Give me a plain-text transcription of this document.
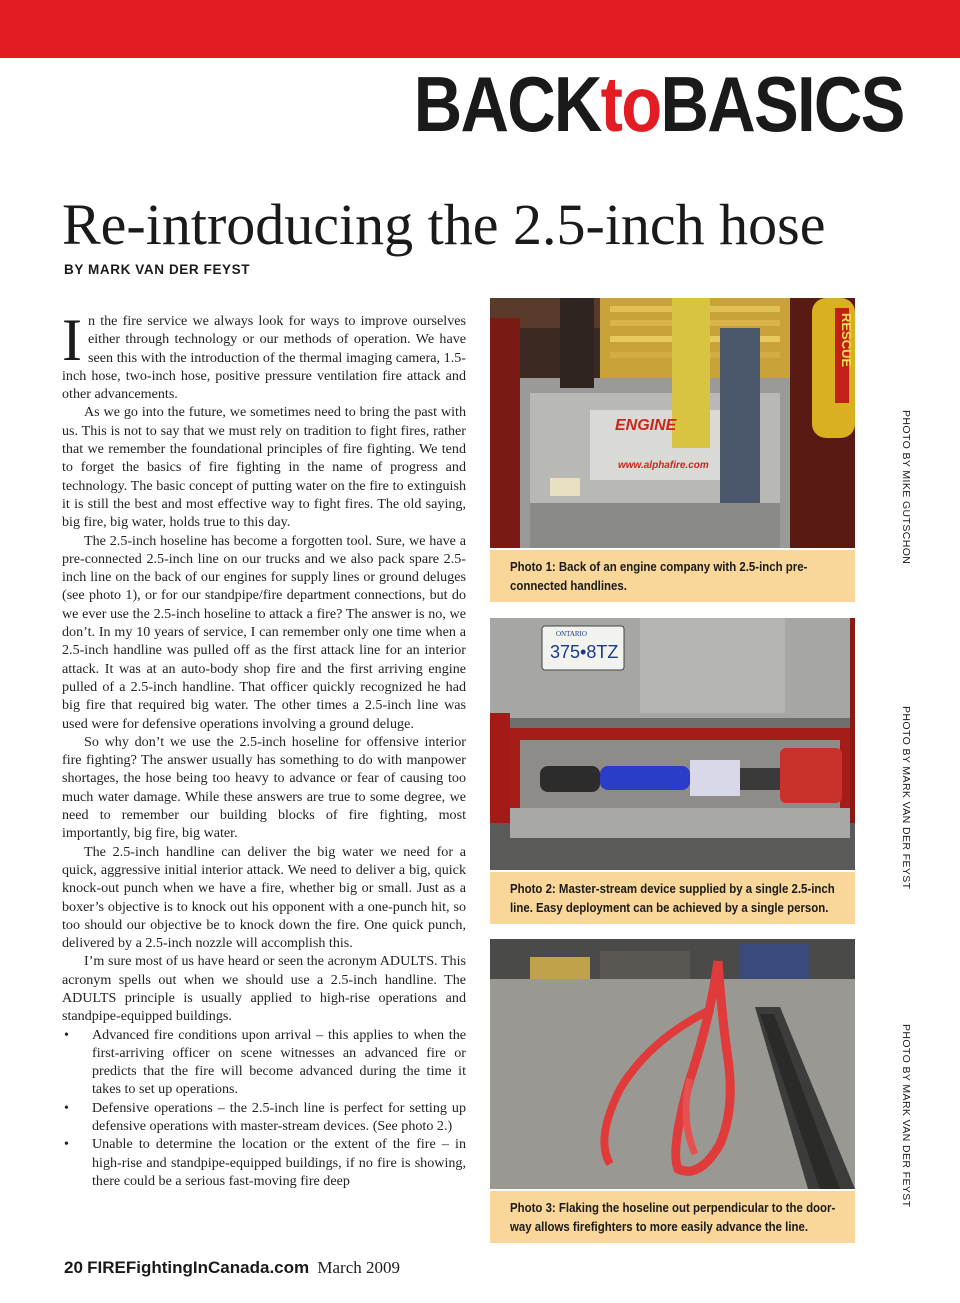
BACKtoBASICS
Re-introducing the 2.5-inch hose
BY MARK VAN DER FEYST

In the fire service we always look for ways to improve ourselves either through technology or our methods of operation. We have seen this with the introduction of the thermal imaging camera, 1.5-inch hose, two-inch hose, positive pressure ventilation fire attack and other advancements.

As we go into the future, we sometimes need to bring the past with us. This is not to say that we must rely on tradition to fight fires, rather that we remember the foundational principles of fire fighting. We tend to forget the basics of fire fighting in the name of progress and technology. The basic concept of putting water on the fire to extinguish it is still the best and most effective way to fight fires. The old saying, big fire, big water, holds true to this day.

The 2.5-inch hoseline has become a forgotten tool. Sure, we have a pre-connected 2.5-inch line on our trucks and we also pack spare 2.5-inch line on the back of our engines for supply lines or ground deluges (see photo 1), or for our standpipe/fire department connections, but do we ever use the 2.5-inch hoseline to attack a fire? The answer is no, we don’t. In my 10 years of service, I can remember only one time when a 2.5-inch handline was pulled off as the first attack line for an interior attack. It was at an auto-body shop fire and the first arriving engine pulled of a 2.5-inch handline. That officer quickly recognized he had big fire that required big water. The other times a 2.5-inch line was used were for defensive operations involving a ground deluge.

So why don’t we use the 2.5-inch hoseline for offensive interior fire fighting? The answer usually has something to do with manpower shortages, the hose being too heavy to advance or fear of causing too much water damage. While these answers are true to some degree, we need to remember our building blocks of fire fighting, most importantly, big fire, big water.

The 2.5-inch handline can deliver the big water we need for a quick, aggressive initial interior attack. We need to deliver a big, quick knock-out punch when we have a fire, whether big or small. Just as a boxer’s objective is to knock out his opponent with a one-punch hit, so too should our objective be to knock down the fire. One quick punch, delivered by a 2.5-inch nozzle will accomplish this.

I’m sure most of us have heard or seen the acronym ADULTS. This acronym spells out when we should use a 2.5-inch handline. The ADULTS principle is usually applied to high-rise operations and standpipe-equipped buildings.

• Advanced fire conditions upon arrival – this applies to when the first-arriving officer on scene witnesses an advanced fire or predicts that the fire will become advanced during the time it takes to set up operations.
• Defensive operations – the 2.5-inch line is perfect for setting up defensive operations with master-stream devices. (See photo 2.)
• Unable to determine the location or the extent of the fire – in high-rise and standpipe-equipped buildings, if no fire is showing, there could be a serious fast-moving fire deep
RESCUE
ENGINE
www.alphafire.com
Photo 1: Back of an engine company with 2.5-inch pre-
connected handlines.
PHOTO BY MIKE GUTSCHON
ONTARIO
375•8TZ
Photo 2: Master-stream device supplied by a single 2.5-inch
line. Easy deployment can be achieved by a single person.
PHOTO BY MARK VAN DER FEYST
Photo 3: Flaking the hoseline out perpendicular to the door-
way allows firefighters to more easily advance the line.
PHOTO BY MARK VAN DER FEYST
20 FIREFightingInCanada.com March 2009
